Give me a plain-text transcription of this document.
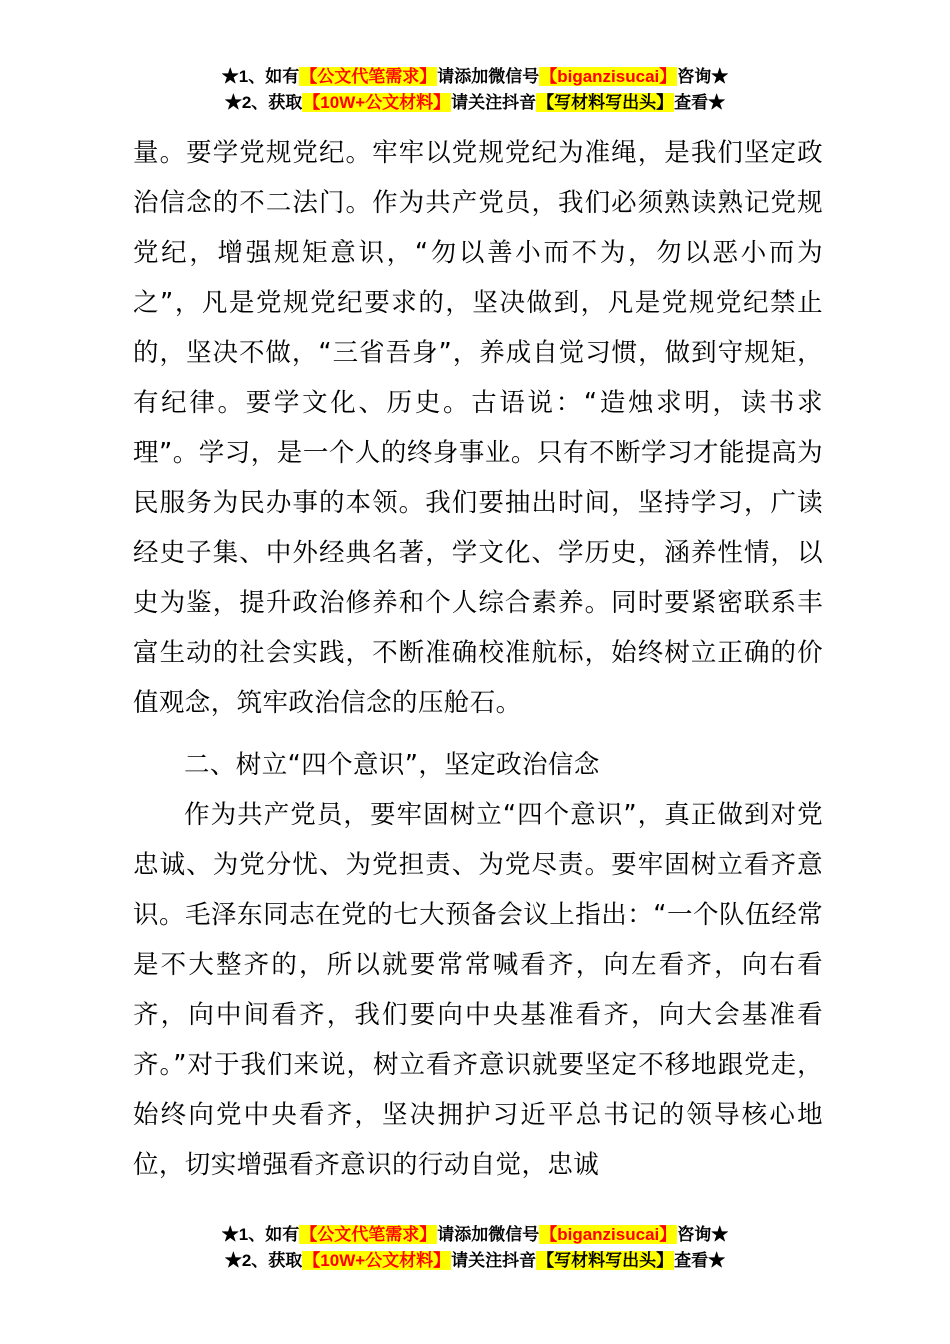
★1、如有【公文代笔需求】请添加微信号【biganzisucai】咨询★
★2、获取【10W+公文材料】请关注抖音【写材料写出头】查看★

量。要学党规党纪。牢牢以党规党纪为准绳，是我们坚定政治信念的不二法门。作为共产党员，我们必须熟读熟记党规党纪，增强规矩意识，“勿以善小而不为，勿以恶小而为之”，凡是党规党纪要求的，坚决做到，凡是党规党纪禁止的，坚决不做，“三省吾身”，养成自觉习惯，做到守规矩，有纪律。要学文化、历史。古语说：“造烛求明，读书求理”。学习，是一个人的终身事业。只有不断学习才能提高为民服务为民办事的本领。我们要抽出时间，坚持学习，广读经史子集、中外经典名著，学文化、学历史，涵养性情，以史为鉴，提升政治修养和个人综合素养。同时要紧密联系丰富生动的社会实践，不断准确校准航标，始终树立正确的价值观念，筑牢政治信念的压舱石。

二、树立“四个意识”，坚定政治信念

作为共产党员，要牢固树立“四个意识”，真正做到对党忠诚、为党分忧、为党担责、为党尽责。要牢固树立看齐意识。毛泽东同志在党的七大预备会议上指出：“一个队伍经常是不大整齐的，所以就要常常喊看齐，向左看齐，向右看齐，向中间看齐，我们要向中央基准看齐，向大会基准看齐。”对于我们来说，树立看齐意识就要坚定不移地跟党走，始终向党中央看齐，坚决拥护习近平总书记的领导核心地位，切实增强看齐意识的行动自觉，忠诚

★1、如有【公文代笔需求】请添加微信号【biganzisucai】咨询★
★2、获取【10W+公文材料】请关注抖音【写材料写出头】查看★
